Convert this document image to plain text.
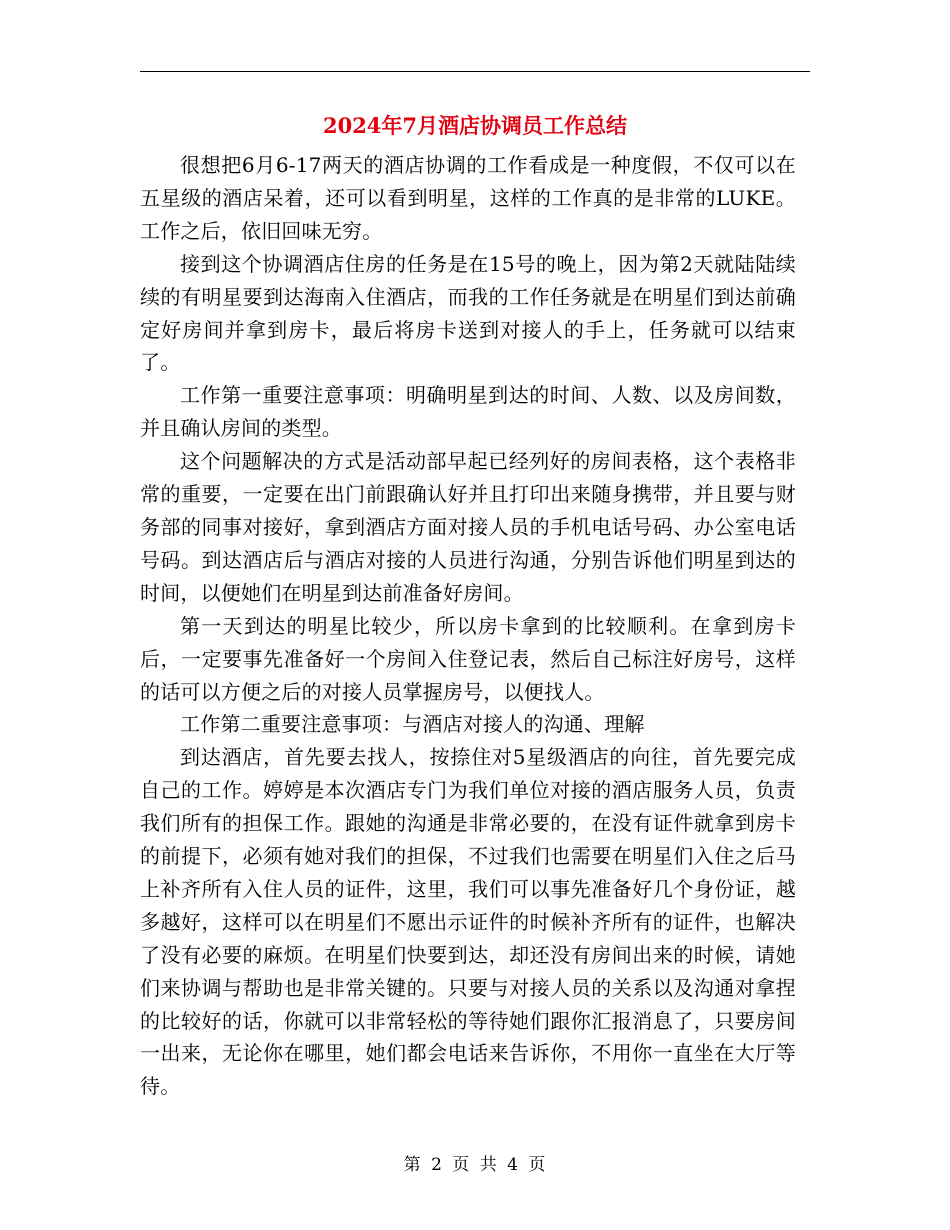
2024年7月酒店协调员工作总结

很想把6月6-17两天的酒店协调的工作看成是一种度假，不仅可以在五星级的酒店呆着，还可以看到明星，这样的工作真的是非常的LUKE。工作之后，依旧回味无穷。

接到这个协调酒店住房的任务是在15号的晚上，因为第2天就陆陆续续的有明星要到达海南入住酒店，而我的工作任务就是在明星们到达前确定好房间并拿到房卡，最后将房卡送到对接人的手上，任务就可以结束了。

工作第一重要注意事项：明确明星到达的时间、人数、以及房间数，并且确认房间的类型。

这个问题解决的方式是活动部早起已经列好的房间表格，这个表格非常的重要，一定要在出门前跟确认好并且打印出来随身携带，并且要与财务部的同事对接好，拿到酒店方面对接人员的手机电话号码、办公室电话号码。到达酒店后与酒店对接的人员进行沟通，分别告诉他们明星到达的时间，以便她们在明星到达前准备好房间。

第一天到达的明星比较少，所以房卡拿到的比较顺利。在拿到房卡后，一定要事先准备好一个房间入住登记表，然后自己标注好房号，这样的话可以方便之后的对接人员掌握房号，以便找人。

工作第二重要注意事项：与酒店对接人的沟通、理解

到达酒店，首先要去找人，按捺住对5星级酒店的向往，首先要完成自己的工作。婷婷是本次酒店专门为我们单位对接的酒店服务人员，负责我们所有的担保工作。跟她的沟通是非常必要的，在没有证件就拿到房卡的前提下，必须有她对我们的担保，不过我们也需要在明星们入住之后马上补齐所有入住人员的证件，这里，我们可以事先准备好几个身份证，越多越好，这样可以在明星们不愿出示证件的时候补齐所有的证件，也解决了没有必要的麻烦。在明星们快要到达，却还没有房间出来的时候，请她们来协调与帮助也是非常关键的。只要与对接人员的关系以及沟通对拿捏的比较好的话，你就可以非常轻松的等待她们跟你汇报消息了，只要房间一出来，无论你在哪里，她们都会电话来告诉你，不用你一直坐在大厅等待。

第 2 页 共 4 页
